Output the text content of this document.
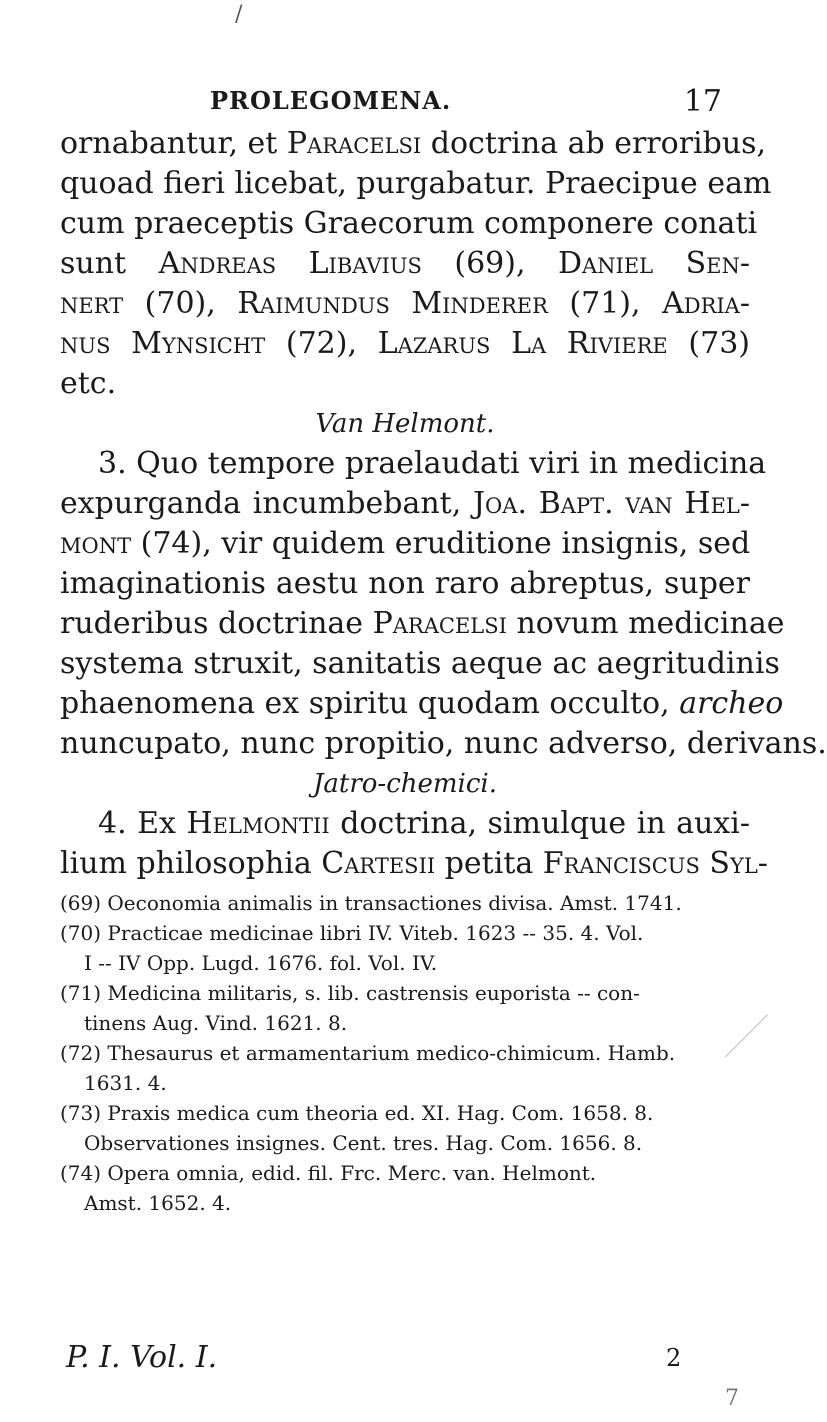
/
PROLEGOMENA.	17
ornabantur, et Paracelsi doctrina ab erroribus,
quoad fieri licebat, purgabatur. Praecipue eam
cum praeceptis Graecorum componere conati
sunt Andreas Libavius (69), Daniel Sen-
nert (70), Raimundus Minderer (71), Adria-
nus Mynsicht (72), Lazarus La Riviere (73)
etc.
Van Helmont.
3. Quo tempore praelaudati viri in medicina
expurganda incumbebant, Joa. Bapt. van Hel-
mont (74), vir quidem eruditione insignis, sed
imaginationis aestu non raro abreptus, super
ruderibus doctrinae Paracelsi novum medicinae
systema struxit, sanitatis aeque ac aegritudinis
phaenomena ex spiritu quodam occulto, archeo
nuncupato, nunc propitio, nunc adverso, derivans.
Jatro-chemici.
4. Ex Helmontii doctrina, simulque in auxi-
lium philosophia Cartesii petita Franciscus Syl-
(69) Oeconomia animalis in transactiones divisa. Amst. 1741.
(70) Practicae medicinae libri IV. Viteb. 1623 -- 35. 4. Vol.
I -- IV Opp. Lugd. 1676. fol. Vol. IV.
(71) Medicina militaris, s. lib. castrensis euporista -- con-
tinens Aug. Vind. 1621. 8.
(72) Thesaurus et armamentarium medico-chimicum. Hamb.
1631. 4.
(73) Praxis medica cum theoria ed. XI. Hag. Com. 1658. 8.
Observationes insignes. Cent. tres. Hag. Com. 1656. 8.
(74) Opera omnia, edid. fil. Frc. Merc. van. Helmont.
Amst. 1652. 4.
P. I. Vol. I.	2
7
